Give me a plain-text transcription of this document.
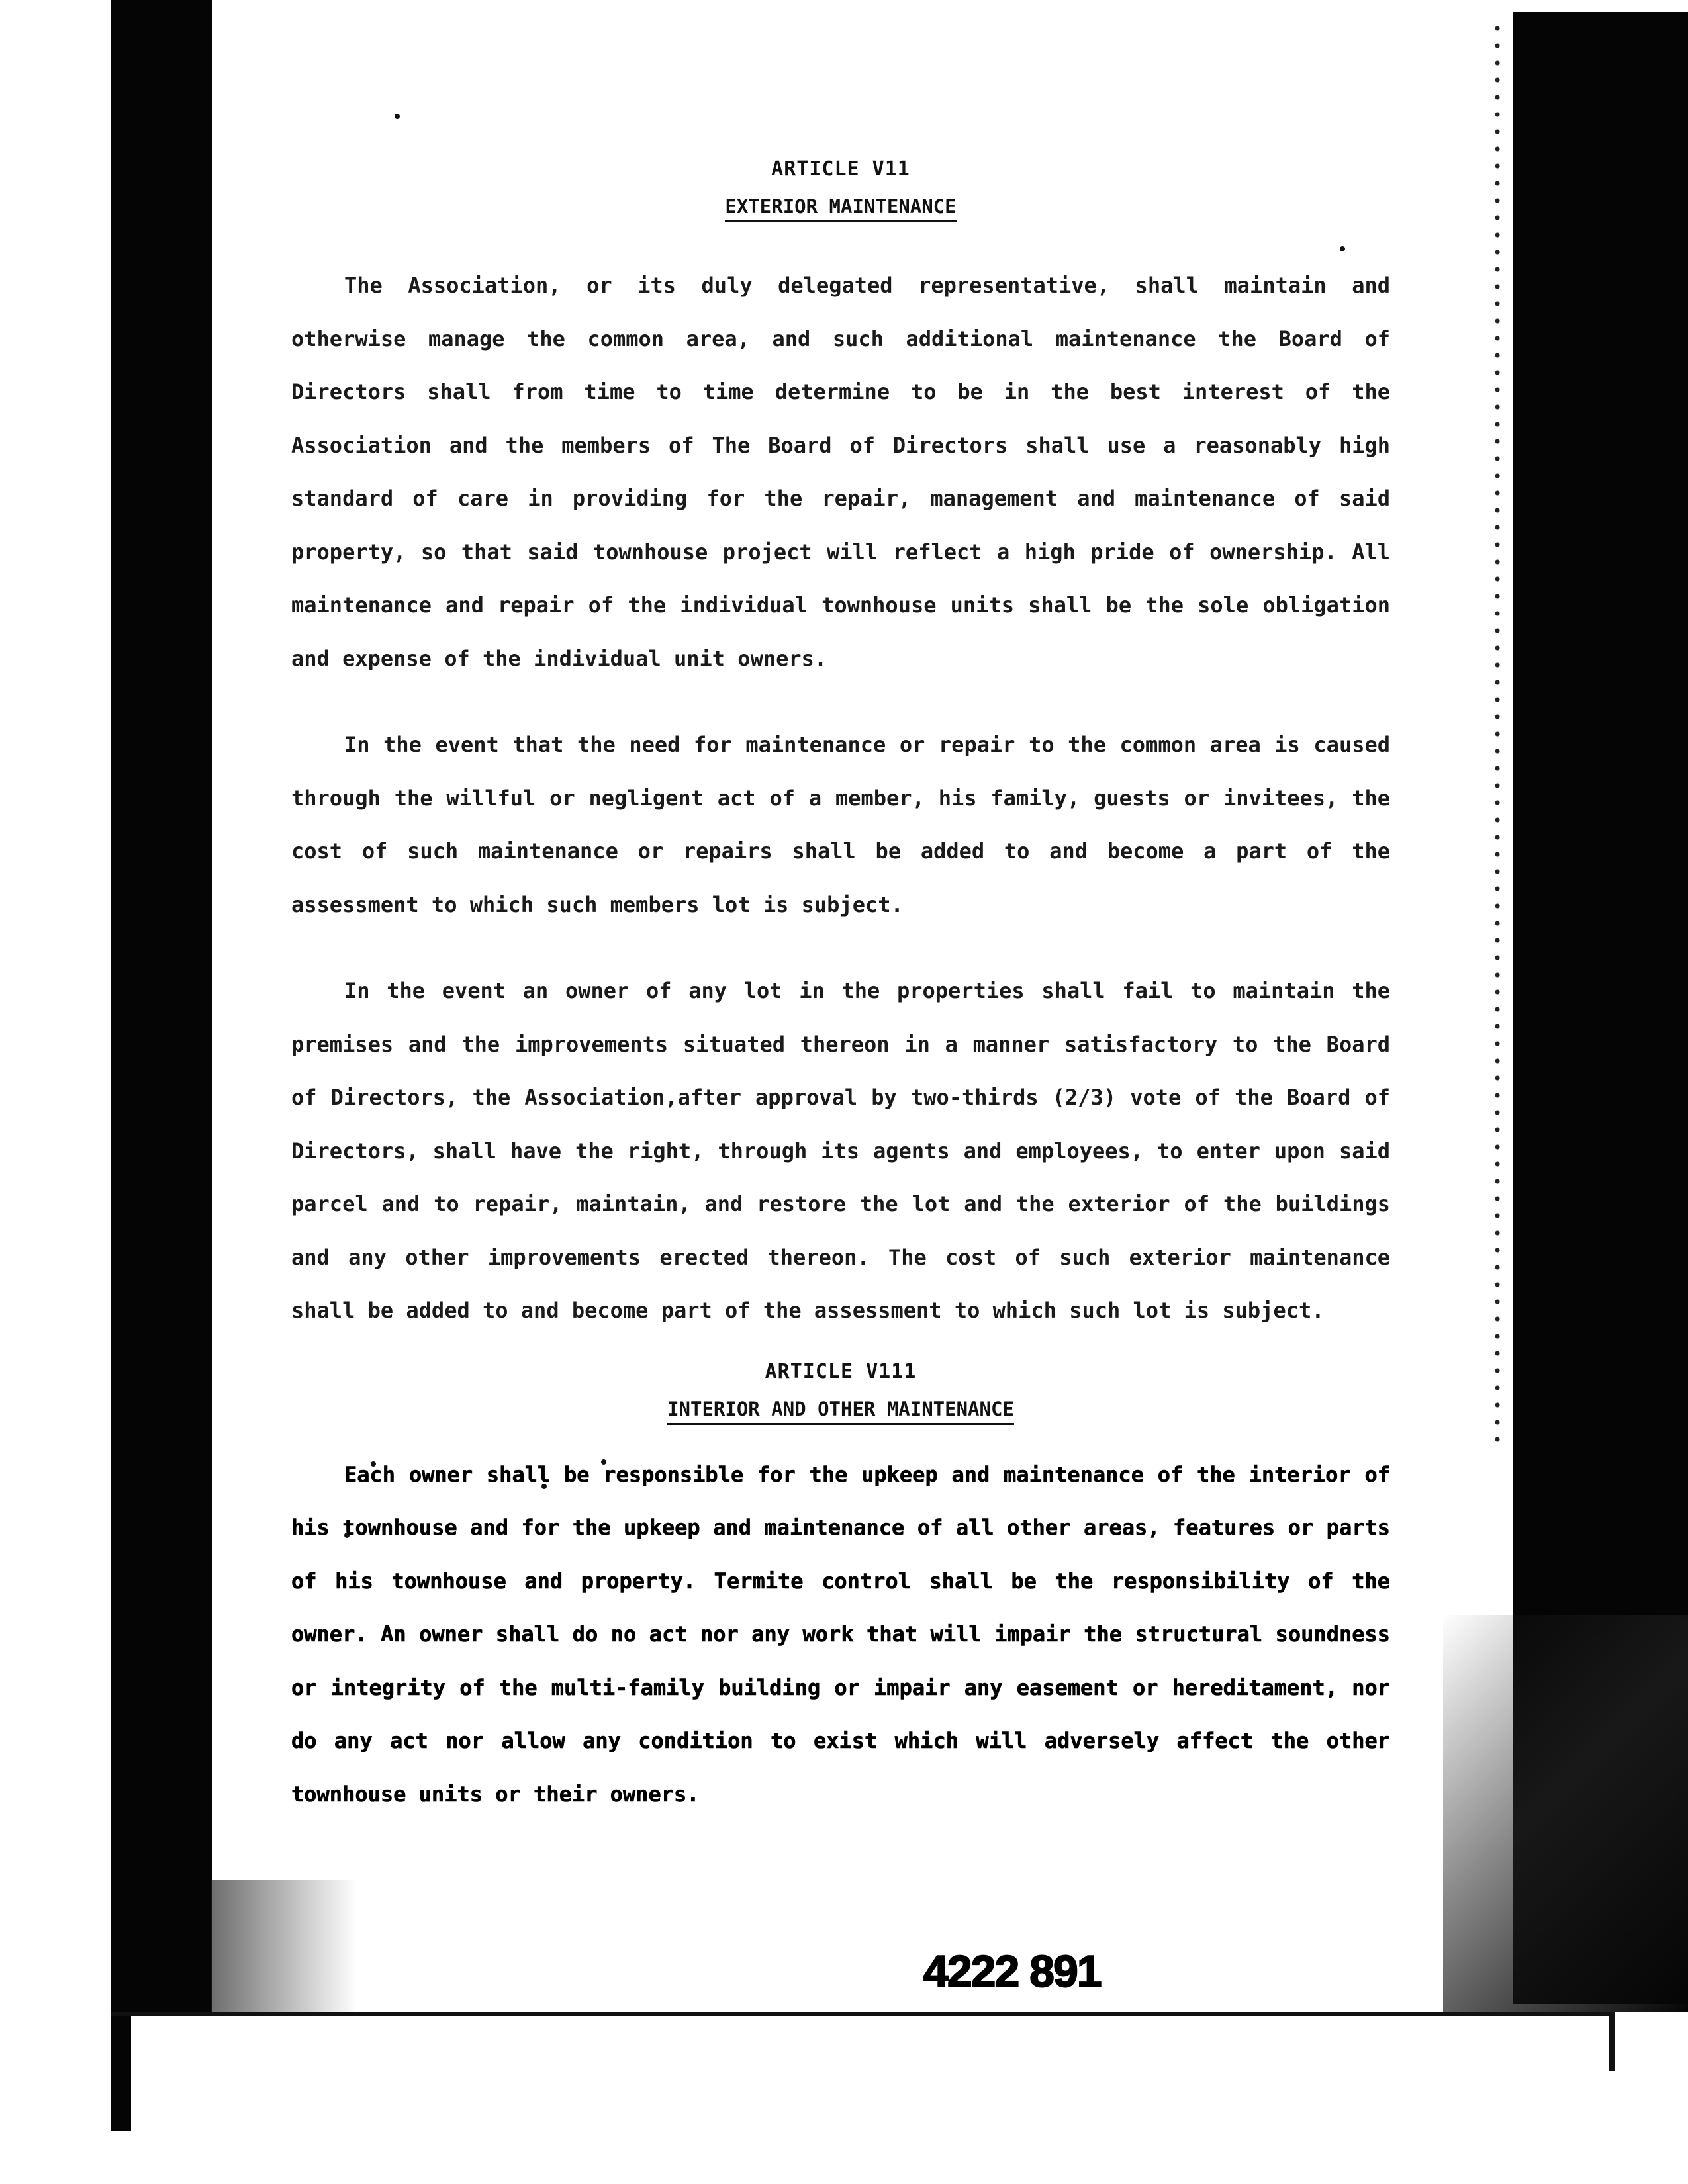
ARTICLE V11

EXTERIOR MAINTENANCE

The Association, or its duly delegated representative, shall maintain and otherwise manage the common area, and such additional maintenance the Board of Directors shall from time to time determine to be in the best interest of the Association and the members of The Board of Directors shall use a reasonably high standard of care in providing for the repair, management and maintenance of said property, so that said townhouse project will reflect a high pride of ownership. All maintenance and repair of the individual townhouse units shall be the sole obligation and expense of the individual unit owners.

In the event that the need for maintenance or repair to the common area is caused through the willful or negligent act of a member, his family, guests or invitees, the cost of such maintenance or repairs shall be added to and become a part of the assessment to which such members lot is subject.

In the event an owner of any lot in the properties shall fail to maintain the premises and the improvements situated thereon in a manner satisfactory to the Board of Directors, the Association,after approval by two-thirds (2/3) vote of the Board of Directors, shall have the right, through its agents and employees, to enter upon said parcel and to repair, maintain, and restore the lot and the exterior of the buildings and any other improvements erected thereon. The cost of such exterior maintenance shall be added to and become part of the assessment to which such lot is subject.

ARTICLE V111

INTERIOR AND OTHER MAINTENANCE

Each owner shall be responsible for the upkeep and maintenance of the interior of his townhouse and for the upkeep and maintenance of all other areas, features or parts of his townhouse and property. Termite control shall be the responsibility of the owner. An owner shall do no act nor any work that will impair the structural soundness or integrity of the multi-family building or impair any easement or hereditament, nor do any act nor allow any condition to exist which will adversely affect the other townhouse units or their owners.

4222 891
